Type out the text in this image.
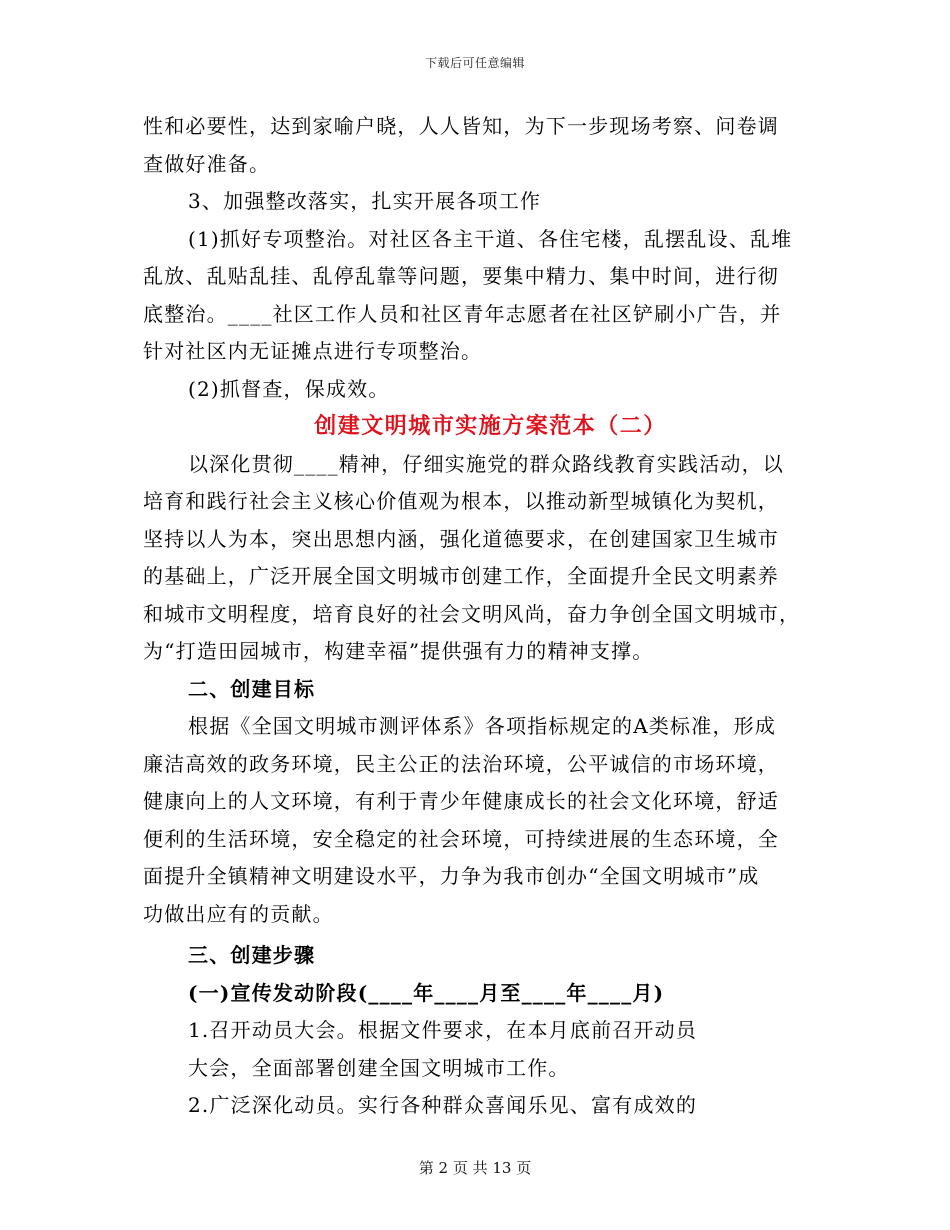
下载后可任意编辑
性和必要性，达到家喻户晓，人人皆知，为下一步现场考察、问卷调
查做好准备。
3、加强整改落实，扎实开展各项工作
(1)抓好专项整治。对社区各主干道、各住宅楼，乱摆乱设、乱堆
乱放、乱贴乱挂、乱停乱靠等问题，要集中精力、集中时间，进行彻
底整治。____社区工作人员和社区青年志愿者在社区铲刷小广告，并
针对社区内无证摊点进行专项整治。
(2)抓督查，保成效。
创建文明城市实施方案范本（二）
以深化贯彻____精神，仔细实施党的群众路线教育实践活动，以
培育和践行社会主义核心价值观为根本，以推动新型城镇化为契机，
坚持以人为本，突出思想内涵，强化道德要求，在创建国家卫生城市
的基础上，广泛开展全国文明城市创建工作，全面提升全民文明素养
和城市文明程度，培育良好的社会文明风尚，奋力争创全国文明城市，
为“打造田园城市，构建幸福”提供强有力的精神支撑。
二、创建目标
根据《全国文明城市测评体系》各项指标规定的A类标准，形成
廉洁高效的政务环境，民主公正的法治环境，公平诚信的市场环境，
健康向上的人文环境，有利于青少年健康成长的社会文化环境，舒适
便利的生活环境，安全稳定的社会环境，可持续进展的生态环境，全
面提升全镇精神文明建设水平，力争为我市创办“全国文明城市”成
功做出应有的贡献。
三、创建步骤
(一)宣传发动阶段(____年____月至____年____月)
1.召开动员大会。根据文件要求，在本月底前召开动员
大会，全面部署创建全国文明城市工作。
2.广泛深化动员。实行各种群众喜闻乐见、富有成效的
第 2 页 共 13 页
